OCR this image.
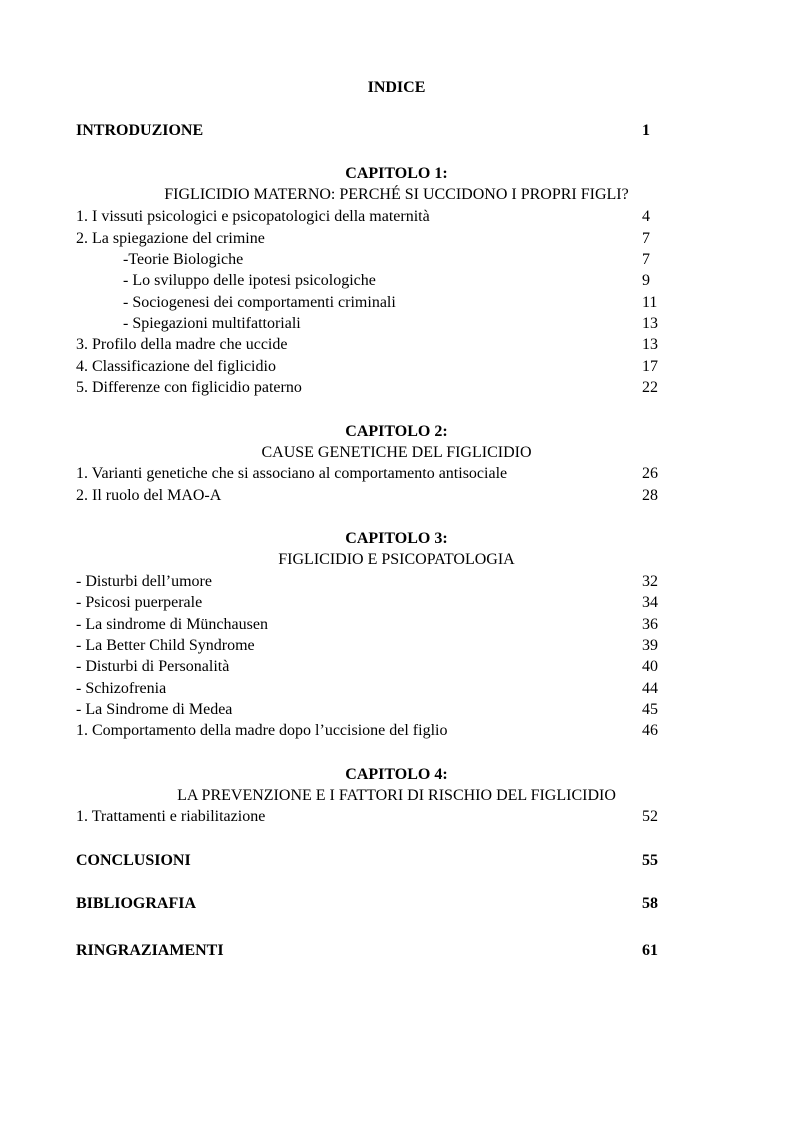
INDICE
INTRODUZIONE	1
CAPITOLO 1:
FIGLICIDIO MATERNO: PERCHÉ SI UCCIDONO I PROPRI FIGLI?
1. I vissuti psicologici e psicopatologici della maternità	4
2. La spiegazione del crimine	7
-Teorie Biologiche	7
- Lo sviluppo delle ipotesi psicologiche	9
- Sociogenesi dei comportamenti criminali	11
- Spiegazioni multifattoriali	13
3. Profilo della madre che uccide	13
4. Classificazione del figlicidio	17
5. Differenze con figlicidio paterno	22
CAPITOLO 2:
CAUSE GENETICHE DEL FIGLICIDIO
1. Varianti genetiche che si associano al comportamento antisociale	26
2. Il ruolo del MAO-A	28
CAPITOLO 3:
FIGLICIDIO E PSICOPATOLOGIA
- Disturbi dell’umore	32
- Psicosi puerperale	34
- La sindrome di Münchausen	36
- La Better Child Syndrome	39
- Disturbi di Personalità	40
- Schizofrenia	44
- La Sindrome di Medea	45
1. Comportamento della madre dopo l’uccisione del figlio	46
CAPITOLO 4:
LA PREVENZIONE E I FATTORI DI RISCHIO DEL FIGLICIDIO
1. Trattamenti e riabilitazione	52
CONCLUSIONI	55
BIBLIOGRAFIA	58
RINGRAZIAMENTI	61
